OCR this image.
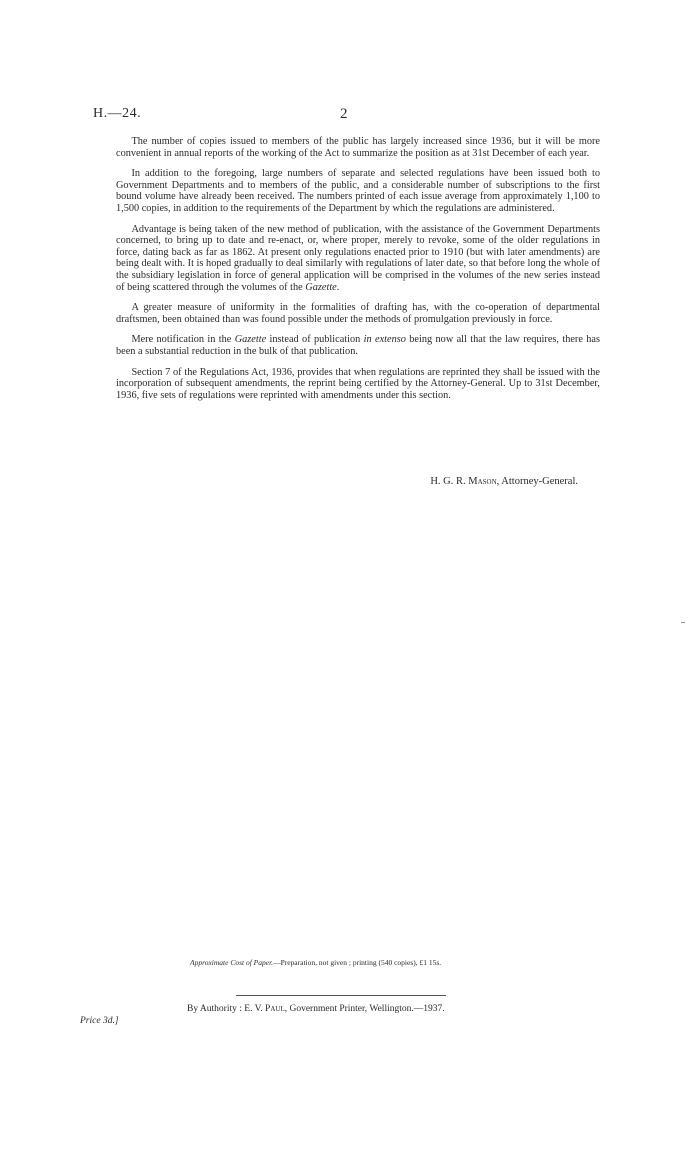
H.—24.	2

  The number of copies issued to members of the public has largely increased since 1936, but it will be more convenient in annual reports of the working of the Act to summarize the position as at 31st December of each year.

  In addition to the foregoing, large numbers of separate and selected regulations have been issued both to Government Departments and to members of the public, and a considerable number of subscriptions to the first bound volume have already been received. The numbers printed of each issue average from approximately 1,100 to 1,500 copies, in addition to the requirements of the Department by which the regulations are administered.

  Advantage is being taken of the new method of publication, with the assistance of the Government Departments concerned, to bring up to date and re-enact, or, where proper, merely to revoke, some of the older regulations in force, dating back as far as 1862. At present only regulations enacted prior to 1910 (but with later amendments) are being dealt with. It is hoped gradually to deal similarly with regulations of later date, so that before long the whole of the subsidiary legislation in force of general application will be comprised in the volumes of the new series instead of being scattered through the volumes of the Gazette.

  A greater measure of uniformity in the formalities of drafting has, with the co-operation of departmental draftsmen, been obtained than was found possible under the methods of promulgation previously in force.

  Mere notification in the Gazette instead of publication in extenso being now all that the law requires, there has been a substantial reduction in the bulk of that publication.

  Section 7 of the Regulations Act, 1936, provides that when regulations are reprinted they shall be issued with the incorporation of subsequent amendments, the reprint being certified by the Attorney-General. Up to 31st December, 1936, five sets of regulations were reprinted with amendments under this section.

H. G. R. Mason, Attorney-General.
Approximate Cost of Paper.—Preparation, not given ; printing (540 copies), £1 15s.
By Authority : E. V. Paul, Government Printer, Wellington.—1937.
Price 3d.]
